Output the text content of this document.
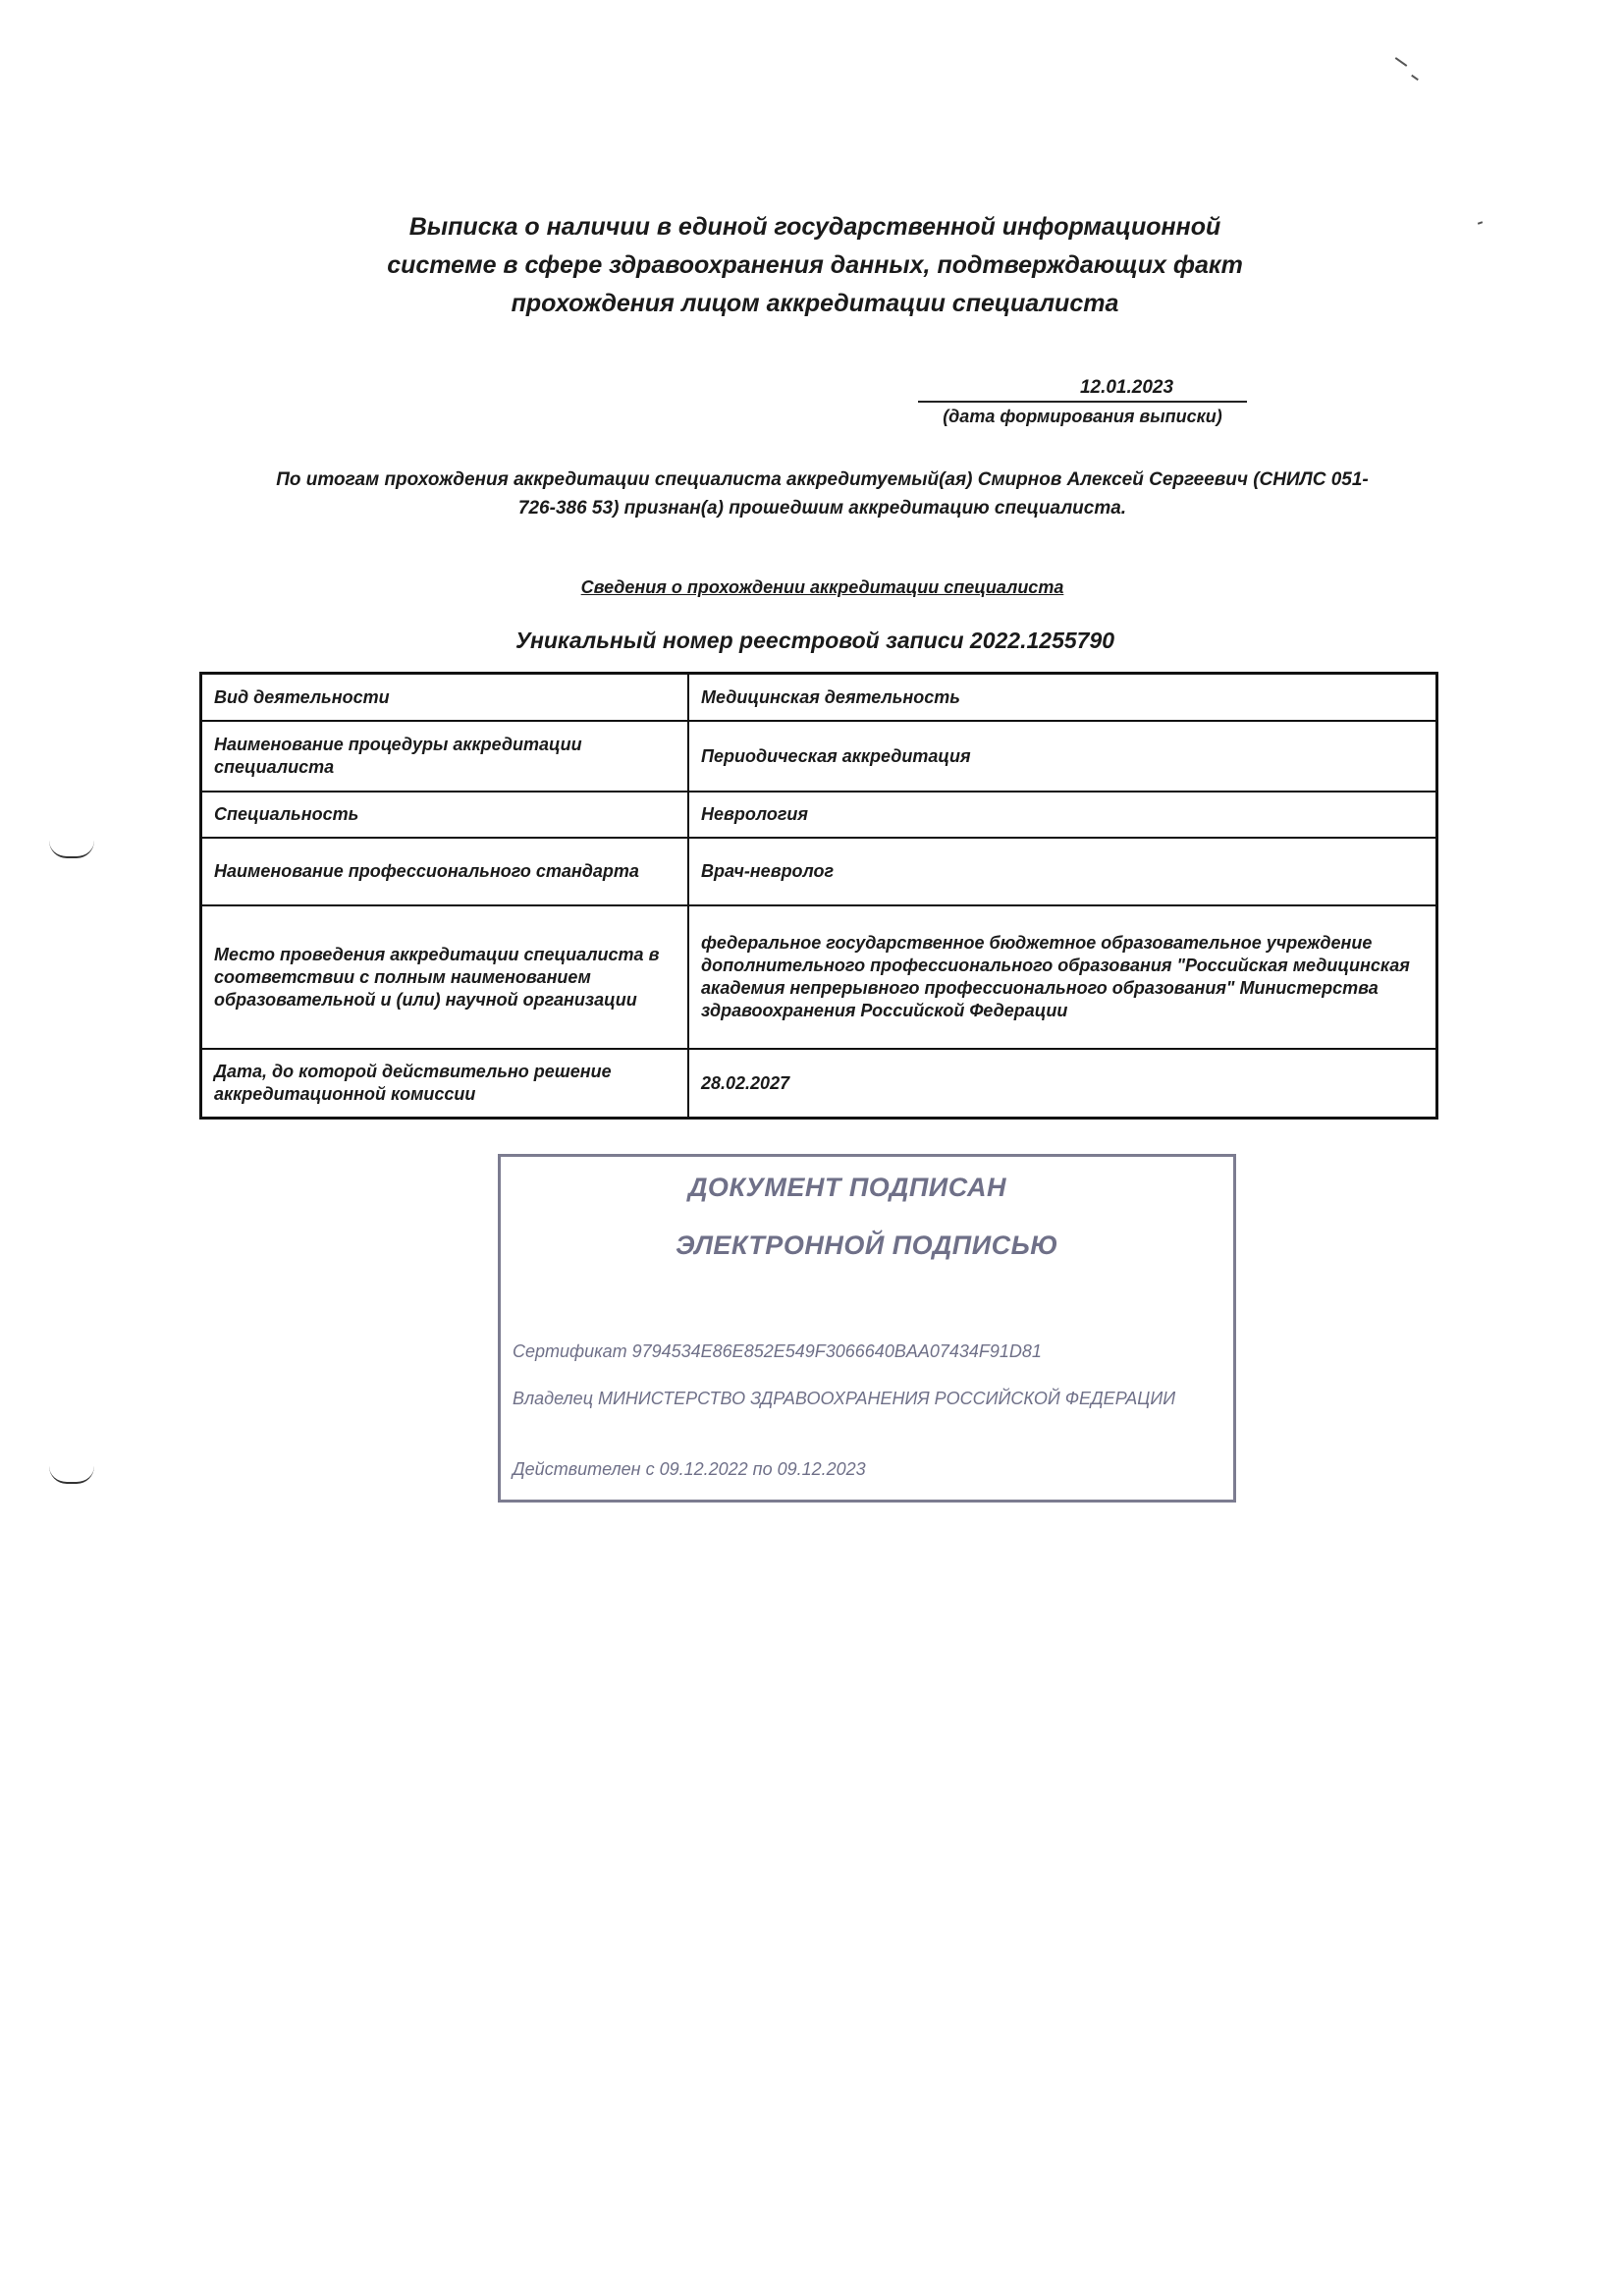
Выписка о наличии в единой государственной информационной
системе в сфере здравоохранения данных, подтверждающих факт
прохождения лицом аккредитации специалиста
12.01.2023
(дата формирования выписки)

По итогам прохождения аккредитации специалиста аккредитуемый(ая) Смирнов Алексей Сергеевич (СНИЛС 051-
726-386 53) признан(а) прошедшим аккредитацию специалиста.

Сведения о прохождении аккредитации специалиста
Уникальный номер реестровой записи 2022.1255790
Вид деятельности	Медицинская деятельность
Наименование процедуры аккредитации специалиста	Периодическая аккредитация
Специальность	Неврология
Наименование профессионального стандарта	Врач-невролог
Место проведения аккредитации специалиста в соответствии с полным наименованием образовательной и (или) научной организации	федеральное государственное бюджетное образовательное учреждение дополнительного профессионального образования "Российская медицинская академия непрерывного профессионального образования" Министерства здравоохранения Российской Федерации
Дата, до которой действительно решение аккредитационной комиссии	28.02.2027
ДОКУМЕНТ ПОДПИСАН
ЭЛЕКТРОННОЙ ПОДПИСЬЮ
Сертификат 9794534E86E852E549F3066640BAA07434F91D81
Владелец МИНИСТЕРСТВО ЗДРАВООХРАНЕНИЯ РОССИЙСКОЙ ФЕДЕРАЦИИ
Действителен с 09.12.2022 по 09.12.2023
